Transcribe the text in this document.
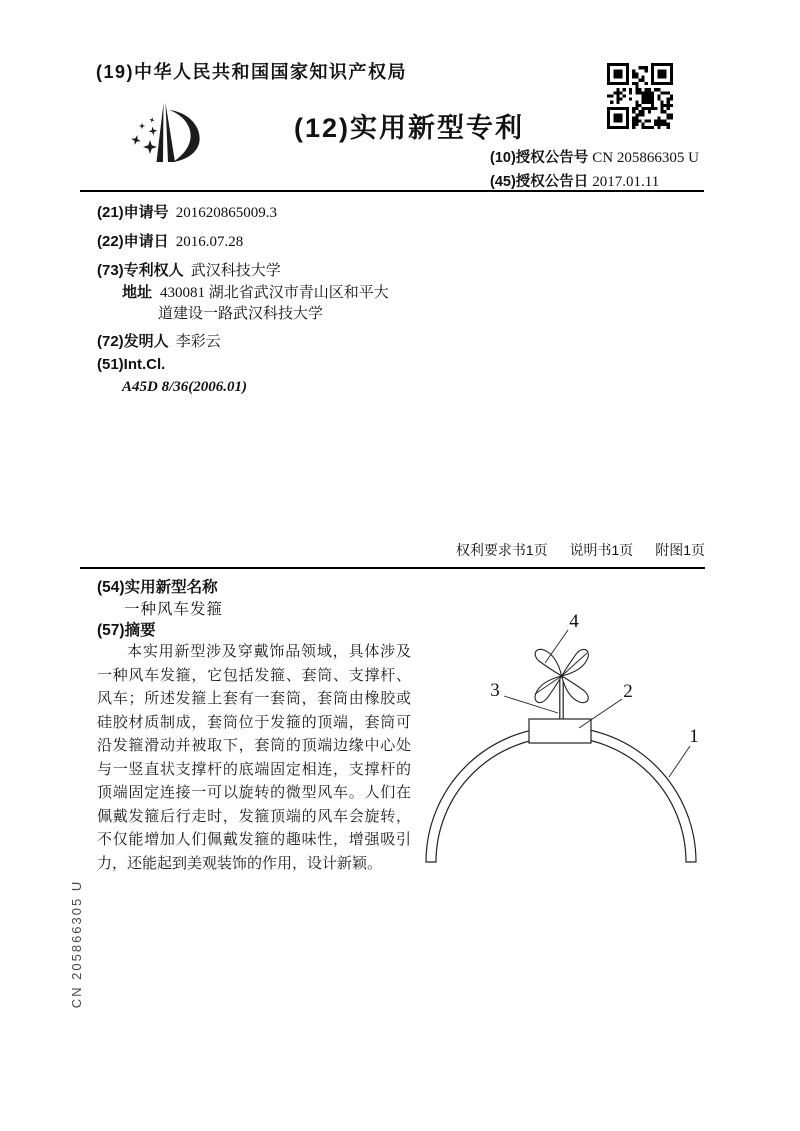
(19)中华人民共和国国家知识产权局
(12)实用新型专利
(10)授权公告号 CN 205866305 U
(45)授权公告日 2017.01.11
(21)申请号 201620865009.3
(22)申请日 2016.07.28
(73)专利权人 武汉科技大学
地址 430081 湖北省武汉市青山区和平大
道建设一路武汉科技大学
(72)发明人 李彩云
(51)Int.Cl.
A45D 8/36(2006.01)
权利要求书1页 说明书1页 附图1页
(54)实用新型名称
一种风车发箍
(57)摘要
本实用新型涉及穿戴饰品领域，具体涉及一种风车发箍，它包括发箍、套筒、支撑杆、风车；所述发箍上套有一套筒，套筒由橡胶或硅胶材质制成，套筒位于发箍的顶端，套筒可沿发箍滑动并被取下，套筒的顶端边缘中心处与一竖直状支撑杆的底端固定相连，支撑杆的顶端固定连接一可以旋转的微型风车。人们在佩戴发箍后行走时，发箍顶端的风车会旋转，不仅能增加人们佩戴发箍的趣味性，增强吸引力，还能起到美观装饰的作用，设计新颖。
4
3	2
1
CN 205866305 U
